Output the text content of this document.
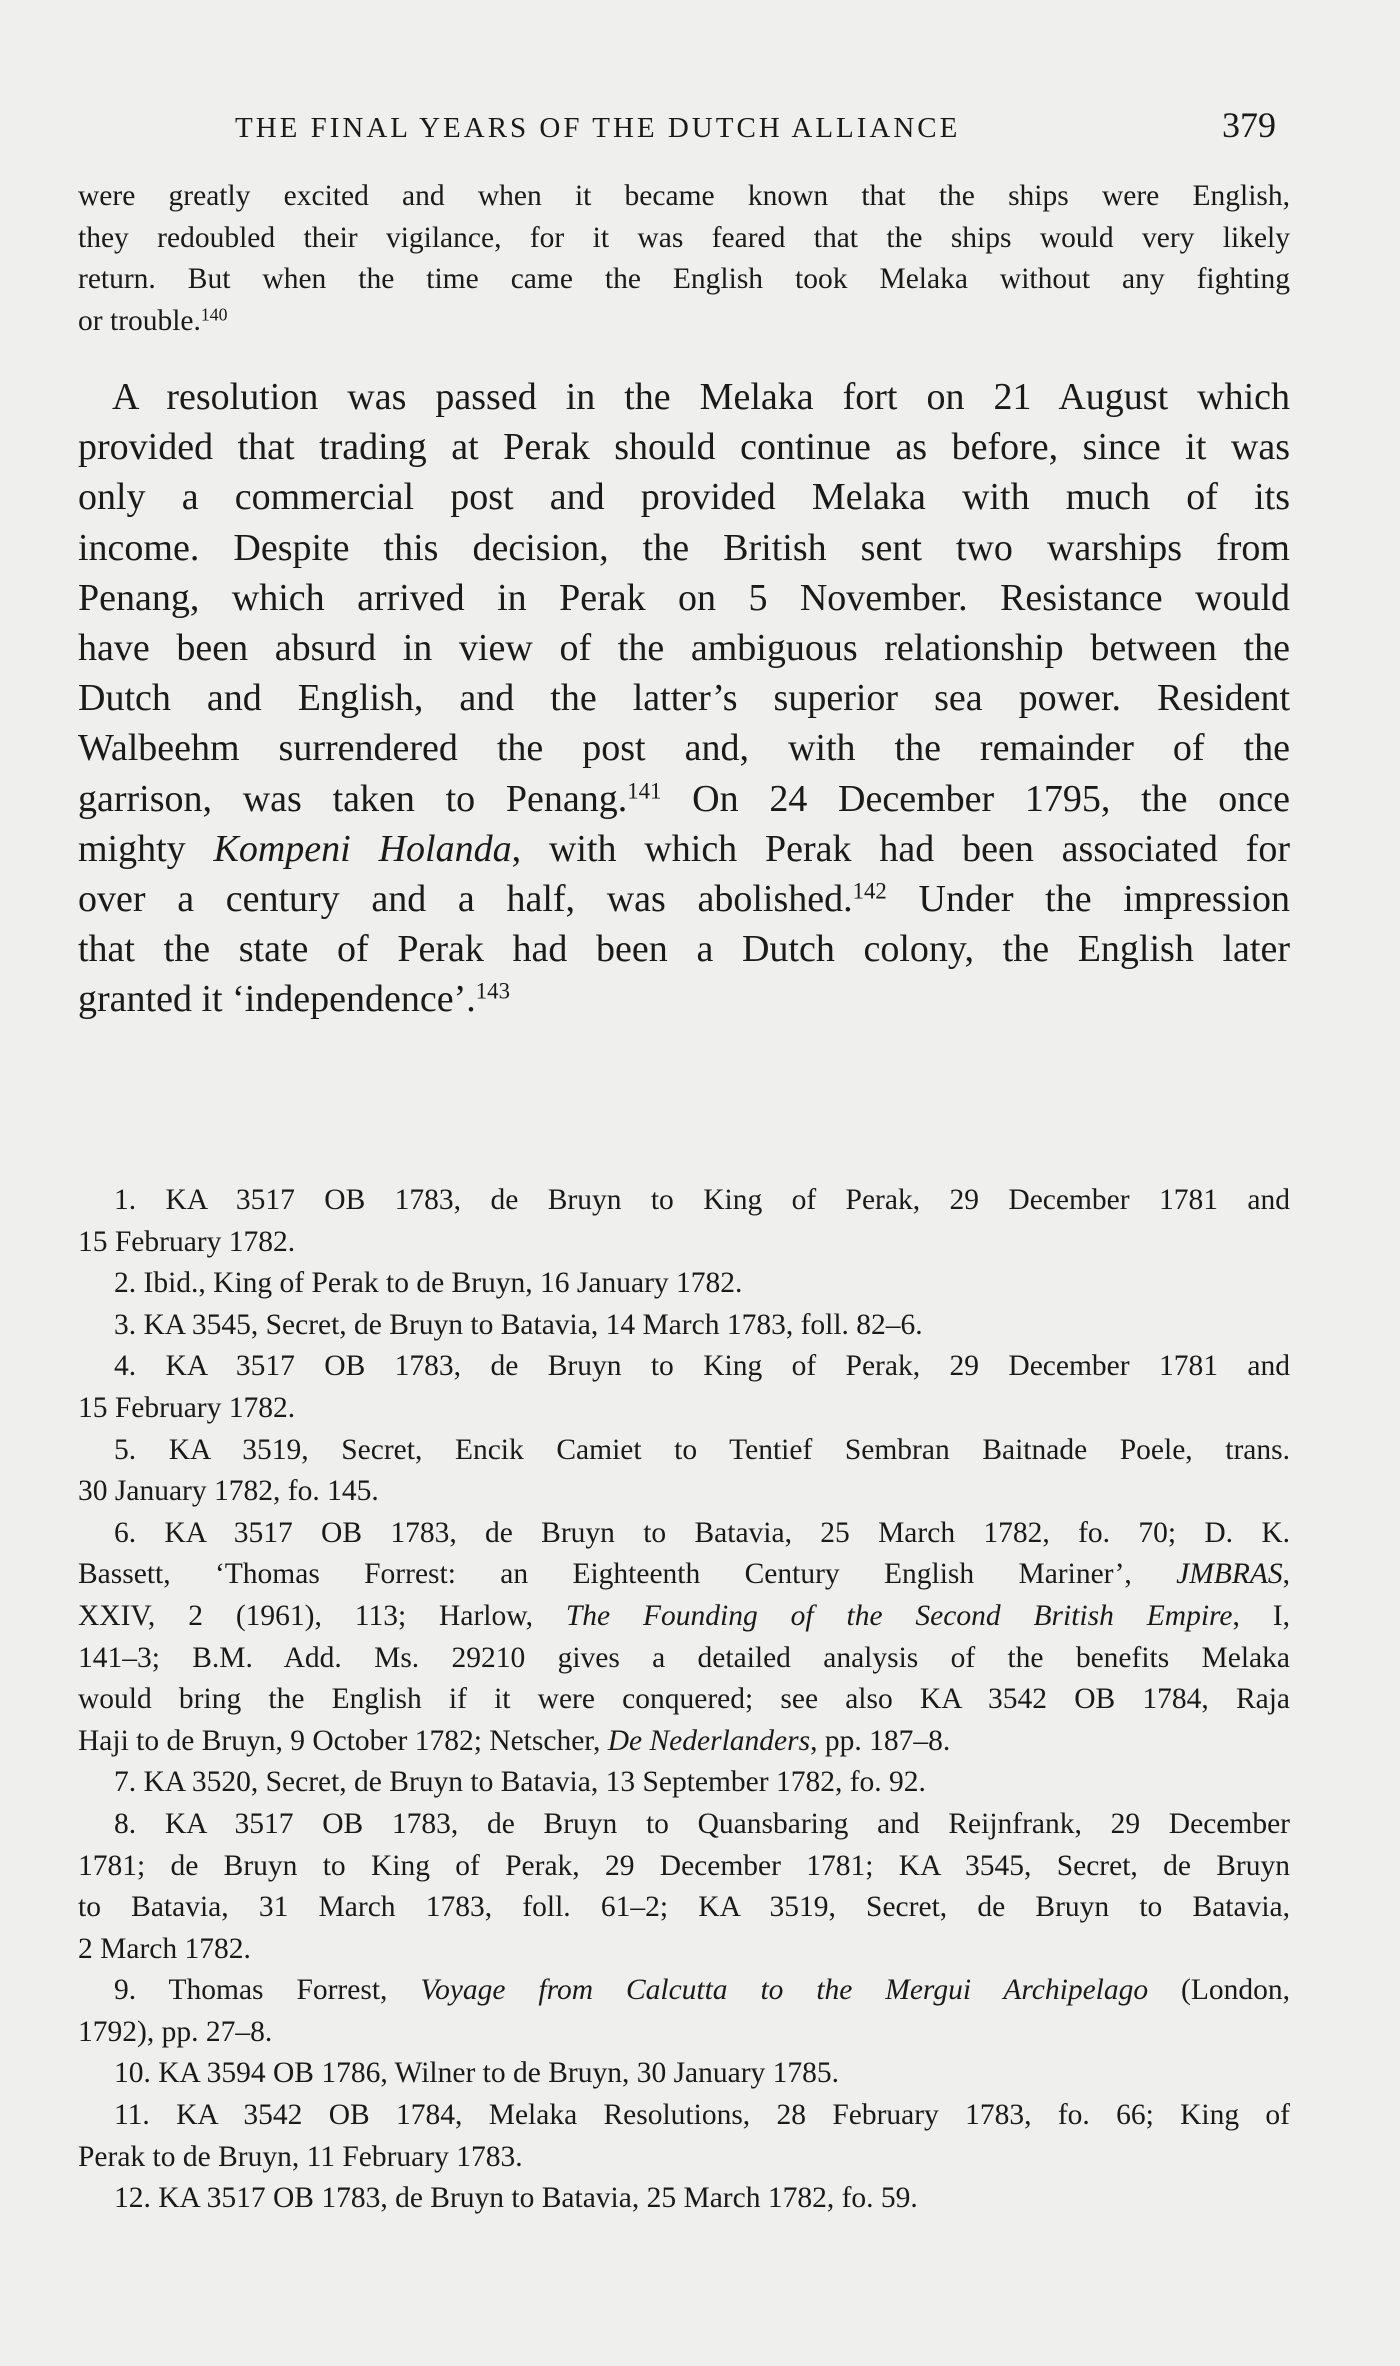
THE FINAL YEARS OF THE DUTCH ALLIANCE	379
were greatly excited and when it became known that the ships were English,
they redoubled their vigilance, for it was feared that the ships would very likely
return. But when the time came the English took Melaka without any fighting
or trouble.$^{140}$
A resolution was passed in the Melaka fort on 21 August which
provided that trading at Perak should continue as before, since it was
only a commercial post and provided Melaka with much of its
income. Despite this decision, the British sent two warships from
Penang, which arrived in Perak on 5 November. Resistance would
have been absurd in view of the ambiguous relationship between the
Dutch and English, and the latter’s superior sea power. Resident
Walbeehm surrendered the post and, with the remainder of the
garrison, was taken to Penang.$^{141}$ On 24 December 1795, the once
mighty Kompeni Holanda, with which Perak had been associated for
over a century and a half, was abolished.$^{142}$ Under the impression
that the state of Perak had been a Dutch colony, the English later
granted it ‘independence’.$^{143}$
1. KA 3517 OB 1783, de Bruyn to King of Perak, 29 December 1781 and
15 February 1782.
2. Ibid., King of Perak to de Bruyn, 16 January 1782.
3. KA 3545, Secret, de Bruyn to Batavia, 14 March 1783, foll. 82–6.
4. KA 3517 OB 1783, de Bruyn to King of Perak, 29 December 1781 and
15 February 1782.
5. KA 3519, Secret, Encik Camiet to Tentief Sembran Baitnade Poele, trans.
30 January 1782, fo. 145.
6. KA 3517 OB 1783, de Bruyn to Batavia, 25 March 1782, fo. 70; D. K.
Bassett, ‘Thomas Forrest: an Eighteenth Century English Mariner’, JMBRAS,
XXIV, 2 (1961), 113; Harlow, The Founding of the Second British Empire, I,
141–3; B.M. Add. Ms. 29210 gives a detailed analysis of the benefits Melaka
would bring the English if it were conquered; see also KA 3542 OB 1784, Raja
Haji to de Bruyn, 9 October 1782; Netscher, De Nederlanders, pp. 187–8.
7. KA 3520, Secret, de Bruyn to Batavia, 13 September 1782, fo. 92.
8. KA 3517 OB 1783, de Bruyn to Quansbaring and Reijnfrank, 29 December
1781; de Bruyn to King of Perak, 29 December 1781; KA 3545, Secret, de Bruyn
to Batavia, 31 March 1783, foll. 61–2; KA 3519, Secret, de Bruyn to Batavia,
2 March 1782.
9. Thomas Forrest, Voyage from Calcutta to the Mergui Archipelago (London,
1792), pp. 27–8.
10. KA 3594 OB 1786, Wilner to de Bruyn, 30 January 1785.
11. KA 3542 OB 1784, Melaka Resolutions, 28 February 1783, fo. 66; King of
Perak to de Bruyn, 11 February 1783.
12. KA 3517 OB 1783, de Bruyn to Batavia, 25 March 1782, fo. 59.
